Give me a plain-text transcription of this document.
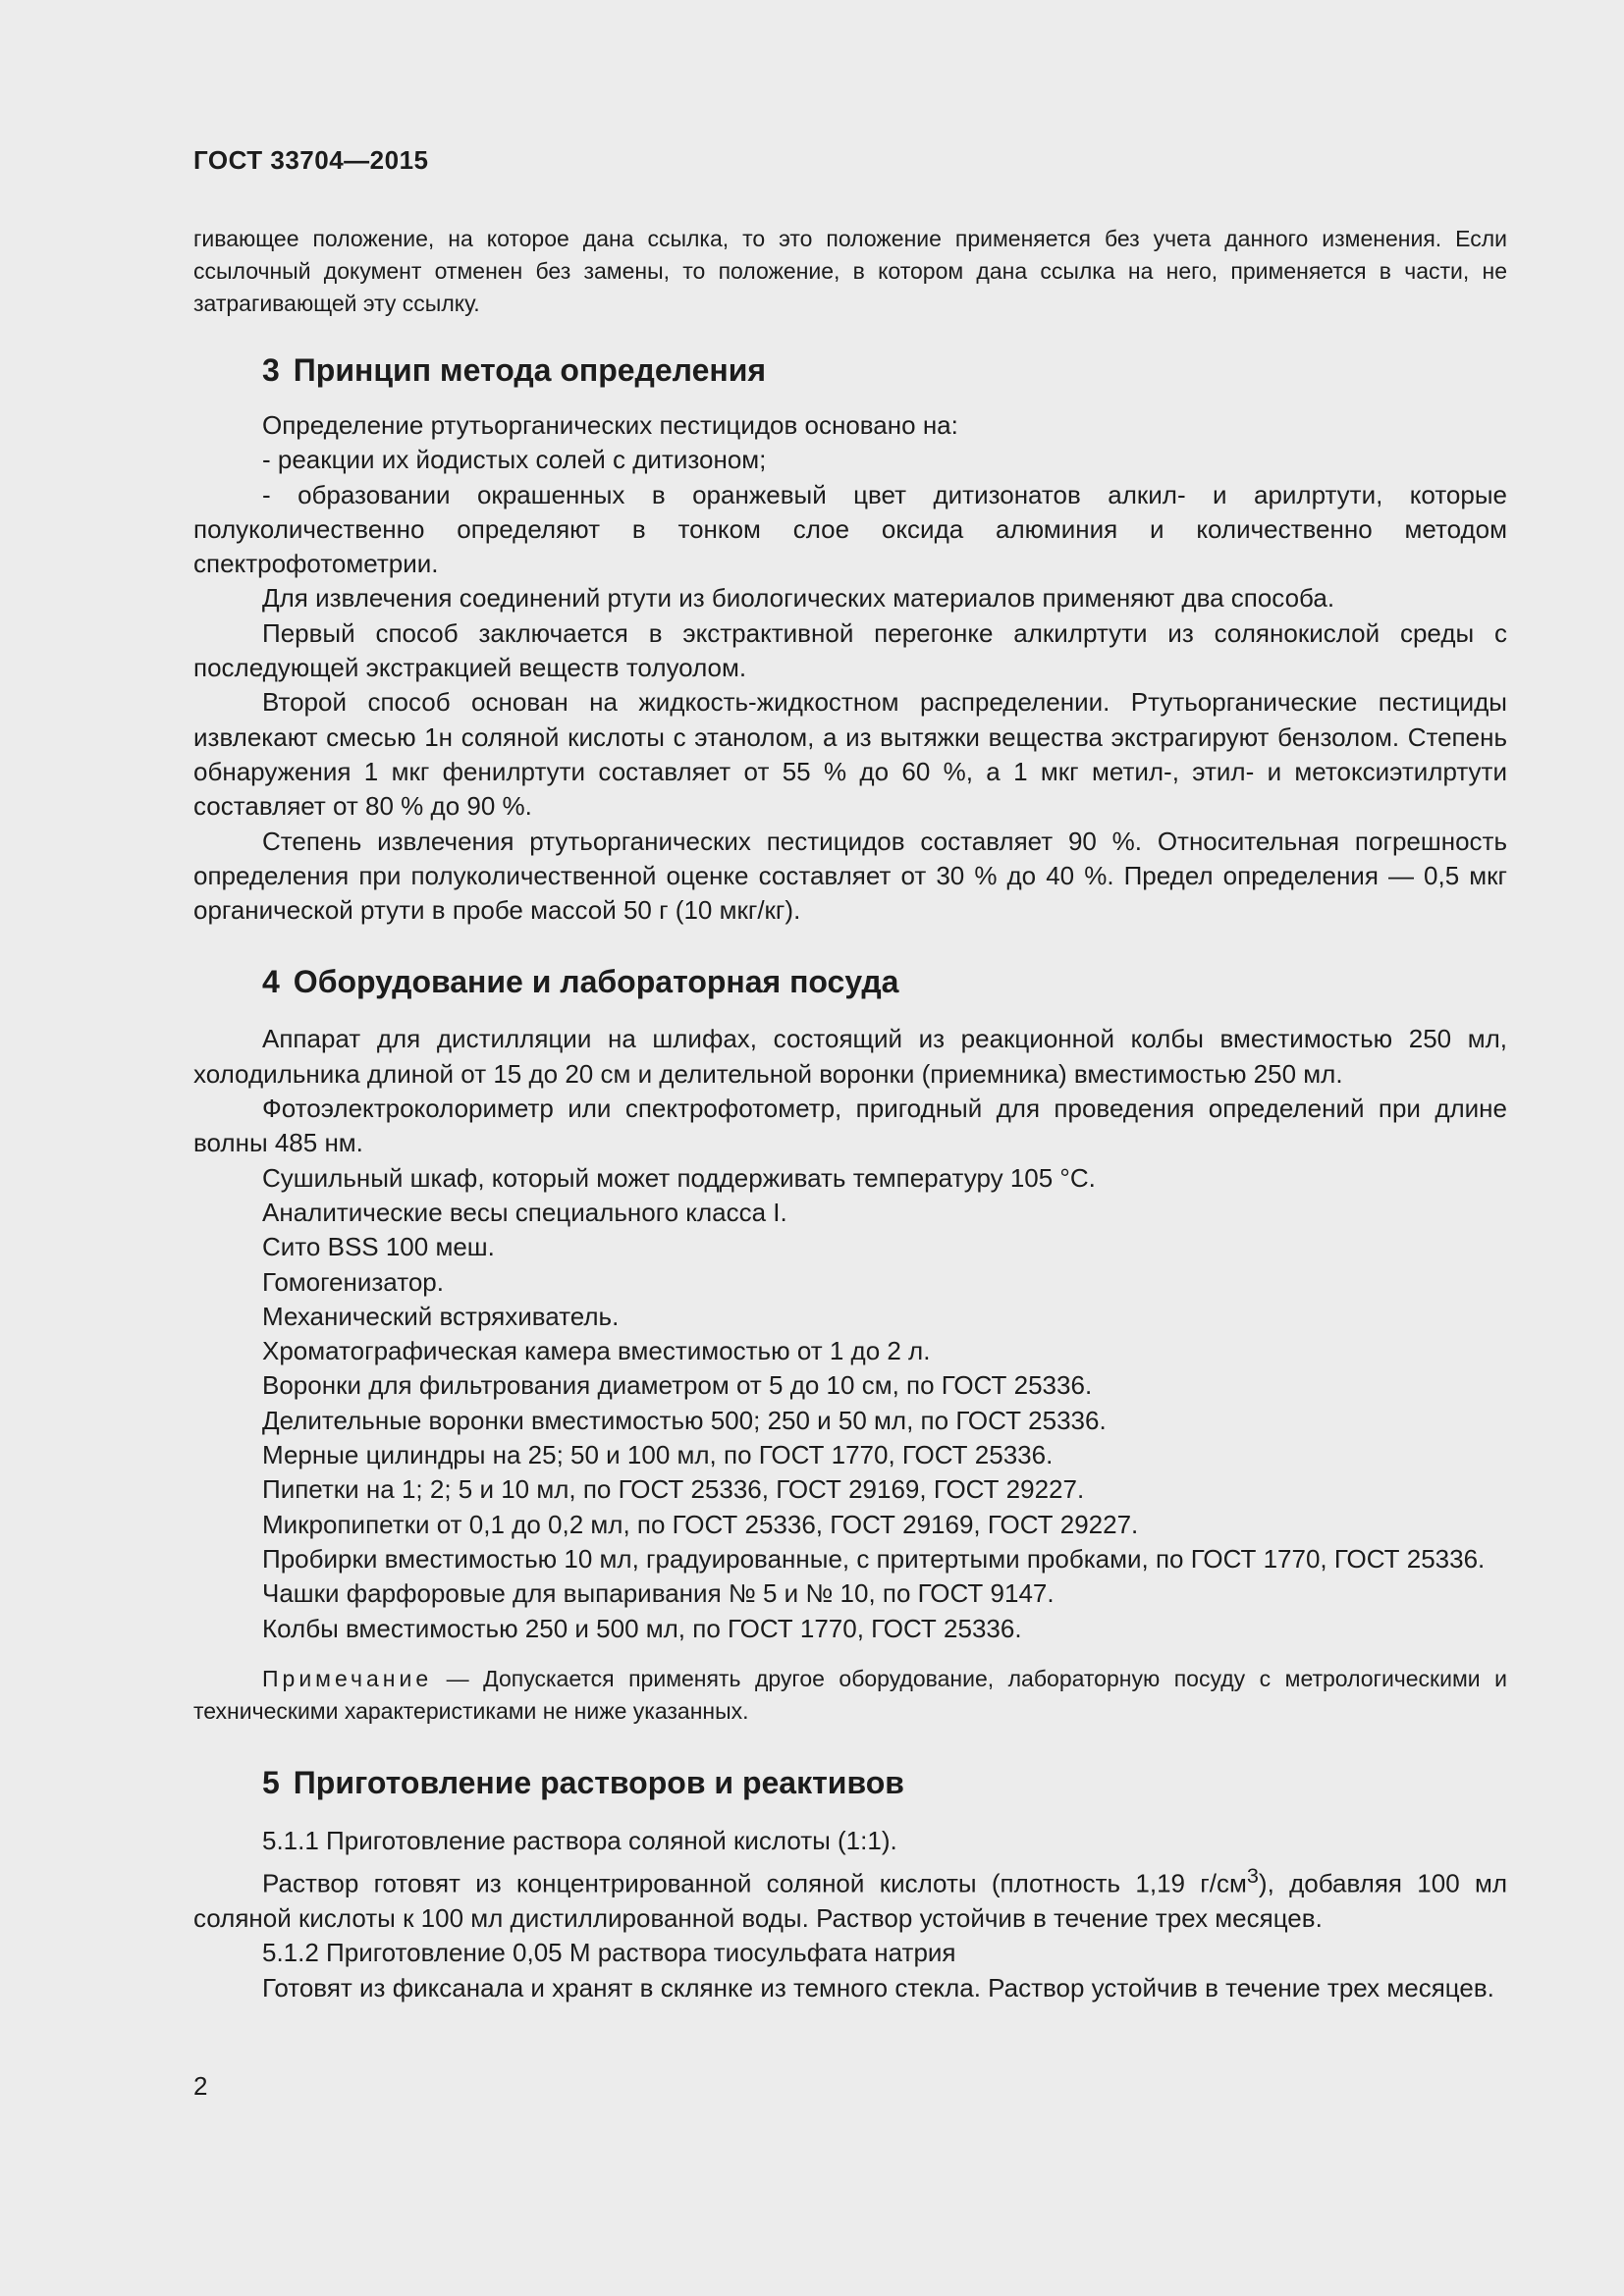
ГОСТ 33704—2015

гивающее положение, на которое дана ссылка, то это положение применяется без учета данного изменения. Если ссылочный документ отменен без замены, то положение, в котором дана ссылка на него, применяется в части, не затрагивающей эту ссылку.

3 Принцип метода определения

Определение ртутьорганических пестицидов основано на:

- реакции их йодистых солей с дитизоном;

- образовании окрашенных в оранжевый цвет дитизонатов алкил- и арилртути, которые полуколичественно определяют в тонком слое оксида алюминия и количественно методом спектрофотометрии.

Для извлечения соединений ртути из биологических материалов применяют два способа.

Первый способ заключается в экстрактивной перегонке алкилртути из солянокислой среды с последующей экстракцией веществ толуолом.

Второй способ основан на жидкость-жидкостном распределении. Ртутьорганические пестициды извлекают смесью 1н соляной кислоты с этанолом, а из вытяжки вещества экстрагируют бензолом. Степень обнаружения 1 мкг фенилртути составляет от 55 % до 60 %, а 1 мкг метил-, этил- и метоксиэтилртути составляет от 80 % до 90 %.

Степень извлечения ртутьорганических пестицидов составляет 90 %. Относительная погрешность определения при полуколичественной оценке составляет от 30 % до 40 %. Предел определения — 0,5 мкг органической ртути в пробе массой 50 г (10 мкг/кг).

4 Оборудование и лабораторная посуда

Аппарат для дистилляции на шлифах, состоящий из реакционной колбы вместимостью 250 мл, холодильника длиной от 15 до 20 см и делительной воронки (приемника) вместимостью 250 мл.

Фотоэлектроколориметр или спектрофотометр, пригодный для проведения определений при длине волны 485 нм.

Сушильный шкаф, который может поддерживать температуру 105 °С.

Аналитические весы специального класса I.

Сито BSS 100 меш.

Гомогенизатор.

Механический встряхиватель.

Хроматографическая камера вместимостью от 1 до 2 л.

Воронки для фильтрования диаметром от 5 до 10 см, по ГОСТ 25336.

Делительные воронки вместимостью 500; 250 и 50 мл, по ГОСТ 25336.

Мерные цилиндры на 25; 50 и 100 мл, по ГОСТ 1770, ГОСТ 25336.

Пипетки на 1; 2; 5 и 10 мл, по ГОСТ 25336, ГОСТ 29169, ГОСТ 29227.

Микропипетки от 0,1 до 0,2 мл, по ГОСТ 25336, ГОСТ 29169, ГОСТ 29227.

Пробирки вместимостью 10 мл, градуированные, с притертыми пробками, по ГОСТ 1770, ГОСТ 25336.

Чашки фарфоровые для выпаривания № 5 и № 10, по ГОСТ 9147.

Колбы вместимостью 250 и 500 мл, по ГОСТ 1770, ГОСТ 25336.

Примечание — Допускается применять другое оборудование, лабораторную посуду с метрологическими и техническими характеристиками не ниже указанных.

5 Приготовление растворов и реактивов

5.1.1 Приготовление раствора соляной кислоты (1:1).

Раствор готовят из концентрированной соляной кислоты (плотность 1,19 $г/см^3$), добавляя 100 мл соляной кислоты к 100 мл дистиллированной воды. Раствор устойчив в течение трех месяцев.

5.1.2 Приготовление 0,05 М раствора тиосульфата натрия

Готовят из фиксанала и хранят в склянке из темного стекла. Раствор устойчив в течение трех месяцев.

2
